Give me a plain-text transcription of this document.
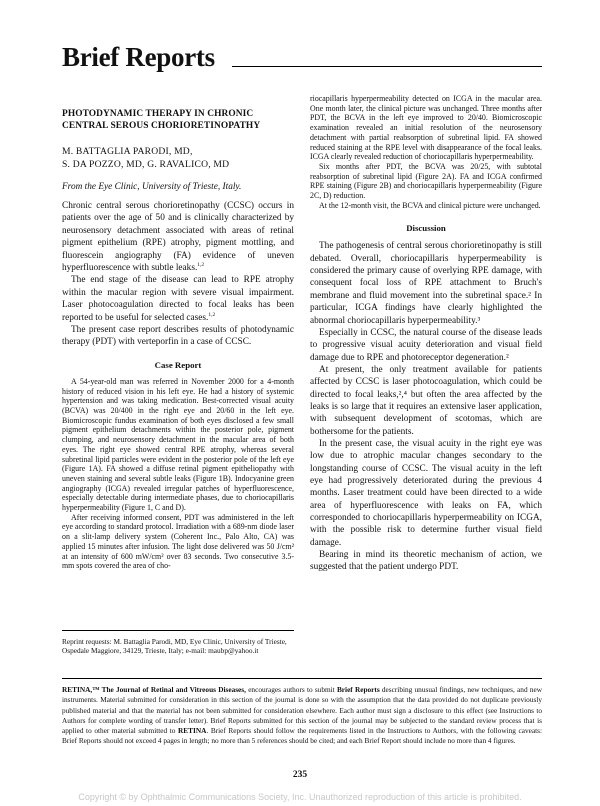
Brief Reports
PHOTODYNAMIC THERAPY IN CHRONIC CENTRAL SEROUS CHORIORETINOPATHY
M. BATTAGLIA PARODI, MD,
S. DA POZZO, MD, G. RAVALICO, MD
From the Eye Clinic, University of Trieste, Italy.

Chronic central serous chorioretinopathy (CCSC) occurs in patients over the age of 50 and is clinically characterized by neurosensory detachment associated with areas of retinal pigment epithelium (RPE) atrophy, pigment mottling, and fluorescein angiography (FA) evidence of uneven hyperfluorescence with subtle leaks.$^{1,2}$

The end stage of the disease can lead to RPE atrophy within the macular region with severe visual impairment. Laser photocoagulation directed to focal leaks has been reported to be useful for selected cases.$^{1,2}$

The present case report describes results of photodynamic therapy (PDT) with verteporfin in a case of CCSC.

Case Report

A 54-year-old man was referred in November 2000 for a 4-month history of reduced vision in his left eye. He had a history of systemic hypertension and was taking medication. Best-corrected visual acuity (BCVA) was 20/400 in the right eye and 20/60 in the left eye. Biomicroscopic fundus examination of both eyes disclosed a few small pigment epithelium detachments within the posterior pole, pigment clumping, and neurosensory detachment in the macular area of both eyes. The right eye showed central RPE atrophy, whereas several subretinal lipid particles were evident in the posterior pole of the left eye (Figure 1A). FA showed a diffuse retinal pigment epitheliopathy with uneven staining and several subtle leaks (Figure 1B). Indocyanine green angiography (ICGA) revealed irregular patches of hyperfluorescence, especially detectable during intermediate phases, due to choriocapillaris hyperpermeability (Figure 1, C and D).

After receiving informed consent, PDT was administered in the left eye according to standard protocol. Irradiation with a 689-nm diode laser on a slit-lamp delivery system (Coherent Inc., Palo Alto, CA) was applied 15 minutes after infusion. The light dose delivered was 50 J/cm² at an intensity of 600 mW/cm² over 83 seconds. Two consecutive 3.5-mm spots covered the area of cho-

Reprint requests: M. Battaglia Parodi, MD, Eye Clinic, University of Trieste, Ospedale Maggiore, 34129, Trieste, Italy; e-mail: maubp@yahoo.it

riocapillaris hyperpermeability detected on ICGA in the macular area. One month later, the clinical picture was unchanged. Three months after PDT, the BCVA in the left eye improved to 20/40. Biomicroscopic examination revealed an initial resolution of the neurosensory detachment with partial reabsorption of subretinal lipid. FA showed reduced staining at the RPE level with disappearance of the focal leaks. ICGA clearly revealed reduction of choriocapillaris hyperpermeability.

Six months after PDT, the BCVA was 20/25, with subtotal reabsorption of subretinal lipid (Figure 2A). FA and ICGA confirmed RPE staining (Figure 2B) and choriocapillaris hyperpermeability (Figure 2C, D) reduction.

At the 12-month visit, the BCVA and clinical picture were unchanged.

Discussion

The pathogenesis of central serous chorioretinopathy is still debated. Overall, choriocapillaris hyperpermeability is considered the primary cause of overlying RPE damage, with consequent focal loss of RPE attachment to Bruch's membrane and fluid movement into the subretinal space.² In particular, ICGA findings have clearly highlighted the abnormal choriocapillaris hyperpermeability.³

Especially in CCSC, the natural course of the disease leads to progressive visual acuity deterioration and visual field damage due to RPE and photoreceptor degeneration.²

At present, the only treatment available for patients affected by CCSC is laser photocoagulation, which could be directed to focal leaks,²,⁴ but often the area affected by the leaks is so large that it requires an extensive laser application, with subsequent development of scotomas, which are bothersome for the patients.

In the present case, the visual acuity in the right eye was low due to atrophic macular changes secondary to the longstanding course of CCSC. The visual acuity in the left eye had progressively deteriorated during the previous 4 months. Laser treatment could have been directed to a wide area of hyperfluorescence with leaks on FA, which corresponded to choriocapillaris hyperpermeability on ICGA, with the possible risk to determine further visual field damage.

Bearing in mind its theoretic mechanism of action, we suggested that the patient undergo PDT.

RETINA,™ The Journal of Retinal and Vitreous Diseases, encourages authors to submit Brief Reports describing unusual findings, new techniques, and new instruments. Material submitted for consideration in this section of the journal is done so with the assumption that the data provided do not duplicate previously published material and that the material has not been submitted for consideration elsewhere. Each author must sign a disclosure to this effect (see Instructions to Authors for complete wording of transfer letter). Brief Reports submitted for this section of the journal may be subjected to the standard review process that is applied to other material submitted to RETINA. Brief Reports should follow the requirements listed in the Instructions to Authors, with the following caveats: Brief Reports should not exceed 4 pages in length; no more than 5 references should be cited; and each Brief Report should include no more than 4 figures.
235
Copyright © by Ophthalmic Communications Society, Inc. Unauthorized reproduction of this article is prohibited.
